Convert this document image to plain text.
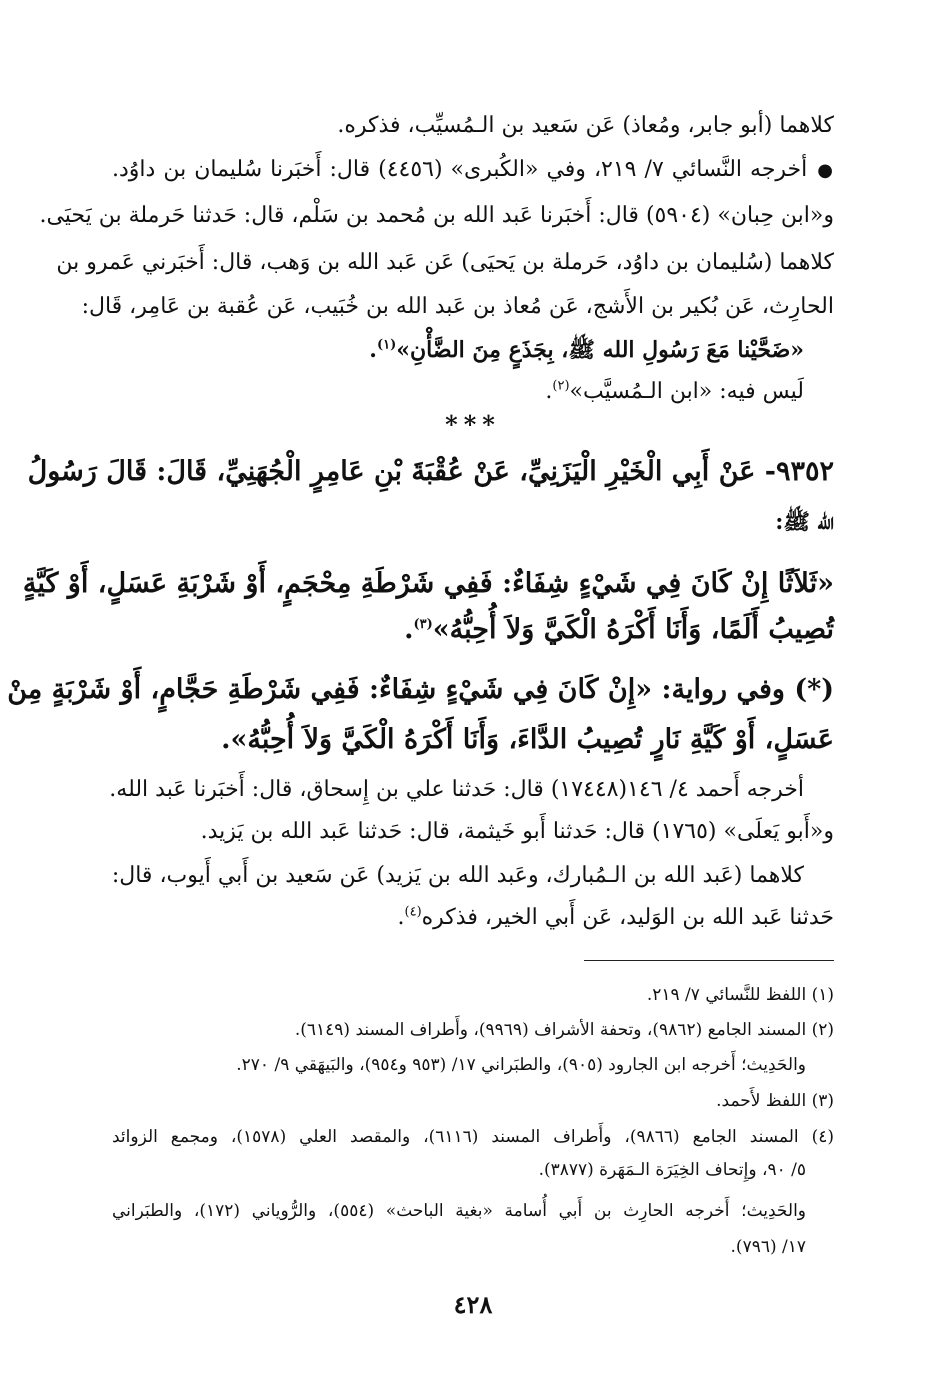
كلاهما (أبو جابر، ومُعاذ) عَن سَعيد بن الـمُسيِّب، فذكره.
●أخرجه النَّسائي ٧/ ٢١٩، وفي «الكُبرى» (٤٤٥٦) قال: أَخبَرنا سُليمان بن داوُد.
و«ابن حِبان» (٥٩٠٤) قال: أَخبَرنا عَبد الله بن مُحمد بن سَلْم، قال: حَدثنا حَرملة بن يَحيَى.
كلاهما (سُليمان بن داوُد، حَرملة بن يَحيَى) عَن عَبد الله بن وَهب، قال: أَخبَرني عَمرو بن
الحارِث، عَن بُكير بن الأَشج، عَن مُعاذ بن عَبد الله بن خُبَيب، عَن عُقبة بن عَامِر، قَال:
«ضَحَّيْنا مَعَ رَسُولِ الله ﷺ، بِجَذَعٍ مِنَ الضَّأْنِ»$^{(١)}$.
لَيس فيه: «ابن الـمُسيَّب»$^{(٢)}$.
***
٩٣٥٢- عَنْ أَبِي الْخَيْرِ الْيَزَنِيِّ، عَنْ عُقْبَةَ بْنِ عَامِرٍ الْجُهَنِيِّ، قَالَ: قَالَ رَسُولُ
الله ﷺ:
«ثَلاَثًا إِنْ كَانَ فِي شَيْءٍ شِفَاءٌ: فَفِي شَرْطَةِ مِحْجَمٍ، أَوْ شَرْبَةِ عَسَلٍ، أَوْ كَيَّةٍ
تُصِيبُ أَلَمًا، وَأَنَا أَكْرَهُ الْكَيَّ وَلاَ أُحِبُّهُ»$^{(٣)}$.
(*) وفي رواية: «إِنْ كَانَ فِي شَيْءٍ شِفَاءٌ: فَفِي شَرْطَةِ حَجَّامٍ، أَوْ شَرْبَةٍ مِنْ
عَسَلٍ، أَوْ كَيَّةِ نَارٍ تُصِيبُ الدَّاءَ، وَأَنَا أَكْرَهُ الْكَيَّ وَلاَ أُحِبُّهُ».
أخرجه أَحمد ٤/ ١٤٦(١٧٤٤٨) قال: حَدثنا علي بن إِسحاق، قال: أَخبَرنا عَبد الله.
و«أَبو يَعلَى» (١٧٦٥) قال: حَدثنا أَبو خَيثمة، قال: حَدثنا عَبد الله بن يَزيد.
كلاهما (عَبد الله بن الـمُبارك، وعَبد الله بن يَزيد) عَن سَعيد بن أَبي أَيوب، قال:
حَدثنا عَبد الله بن الوَليد، عَن أَبي الخير، فذكره$^{(٤)}$.
(١) اللفظ للنَّسائي ٧/ ٢١٩.
(٢) المسند الجامع (٩٨٦٢)، وتحفة الأشراف (٩٩٦٩)، وأَطراف المسند (٦١٤٩).
والحَدِيث؛ أَخرجه ابن الجارود (٩٠٥)، والطبَراني ١٧/ (٩٥٣ و٩٥٤)، والبَيهَقي ٩/ ٢٧٠.
(٣) اللفظ لأَحمد.
(٤) المسند الجامع (٩٨٦٦)، وأَطراف المسند (٦١١٦)، والمقصد العلي (١٥٧٨)، ومجمع الزوائد
٥/ ٩٠، وإِتحاف الخِيَرَة الـمَهَرة (٣٨٧٧).
والحَدِيث؛ أَخرجه الحارِث بن أَبي أُسامة «بغية الباحث» (٥٥٤)، والرُّوياني (١٧٢)، والطبَراني
١٧/ (٧٩٦).
٤٢٨
